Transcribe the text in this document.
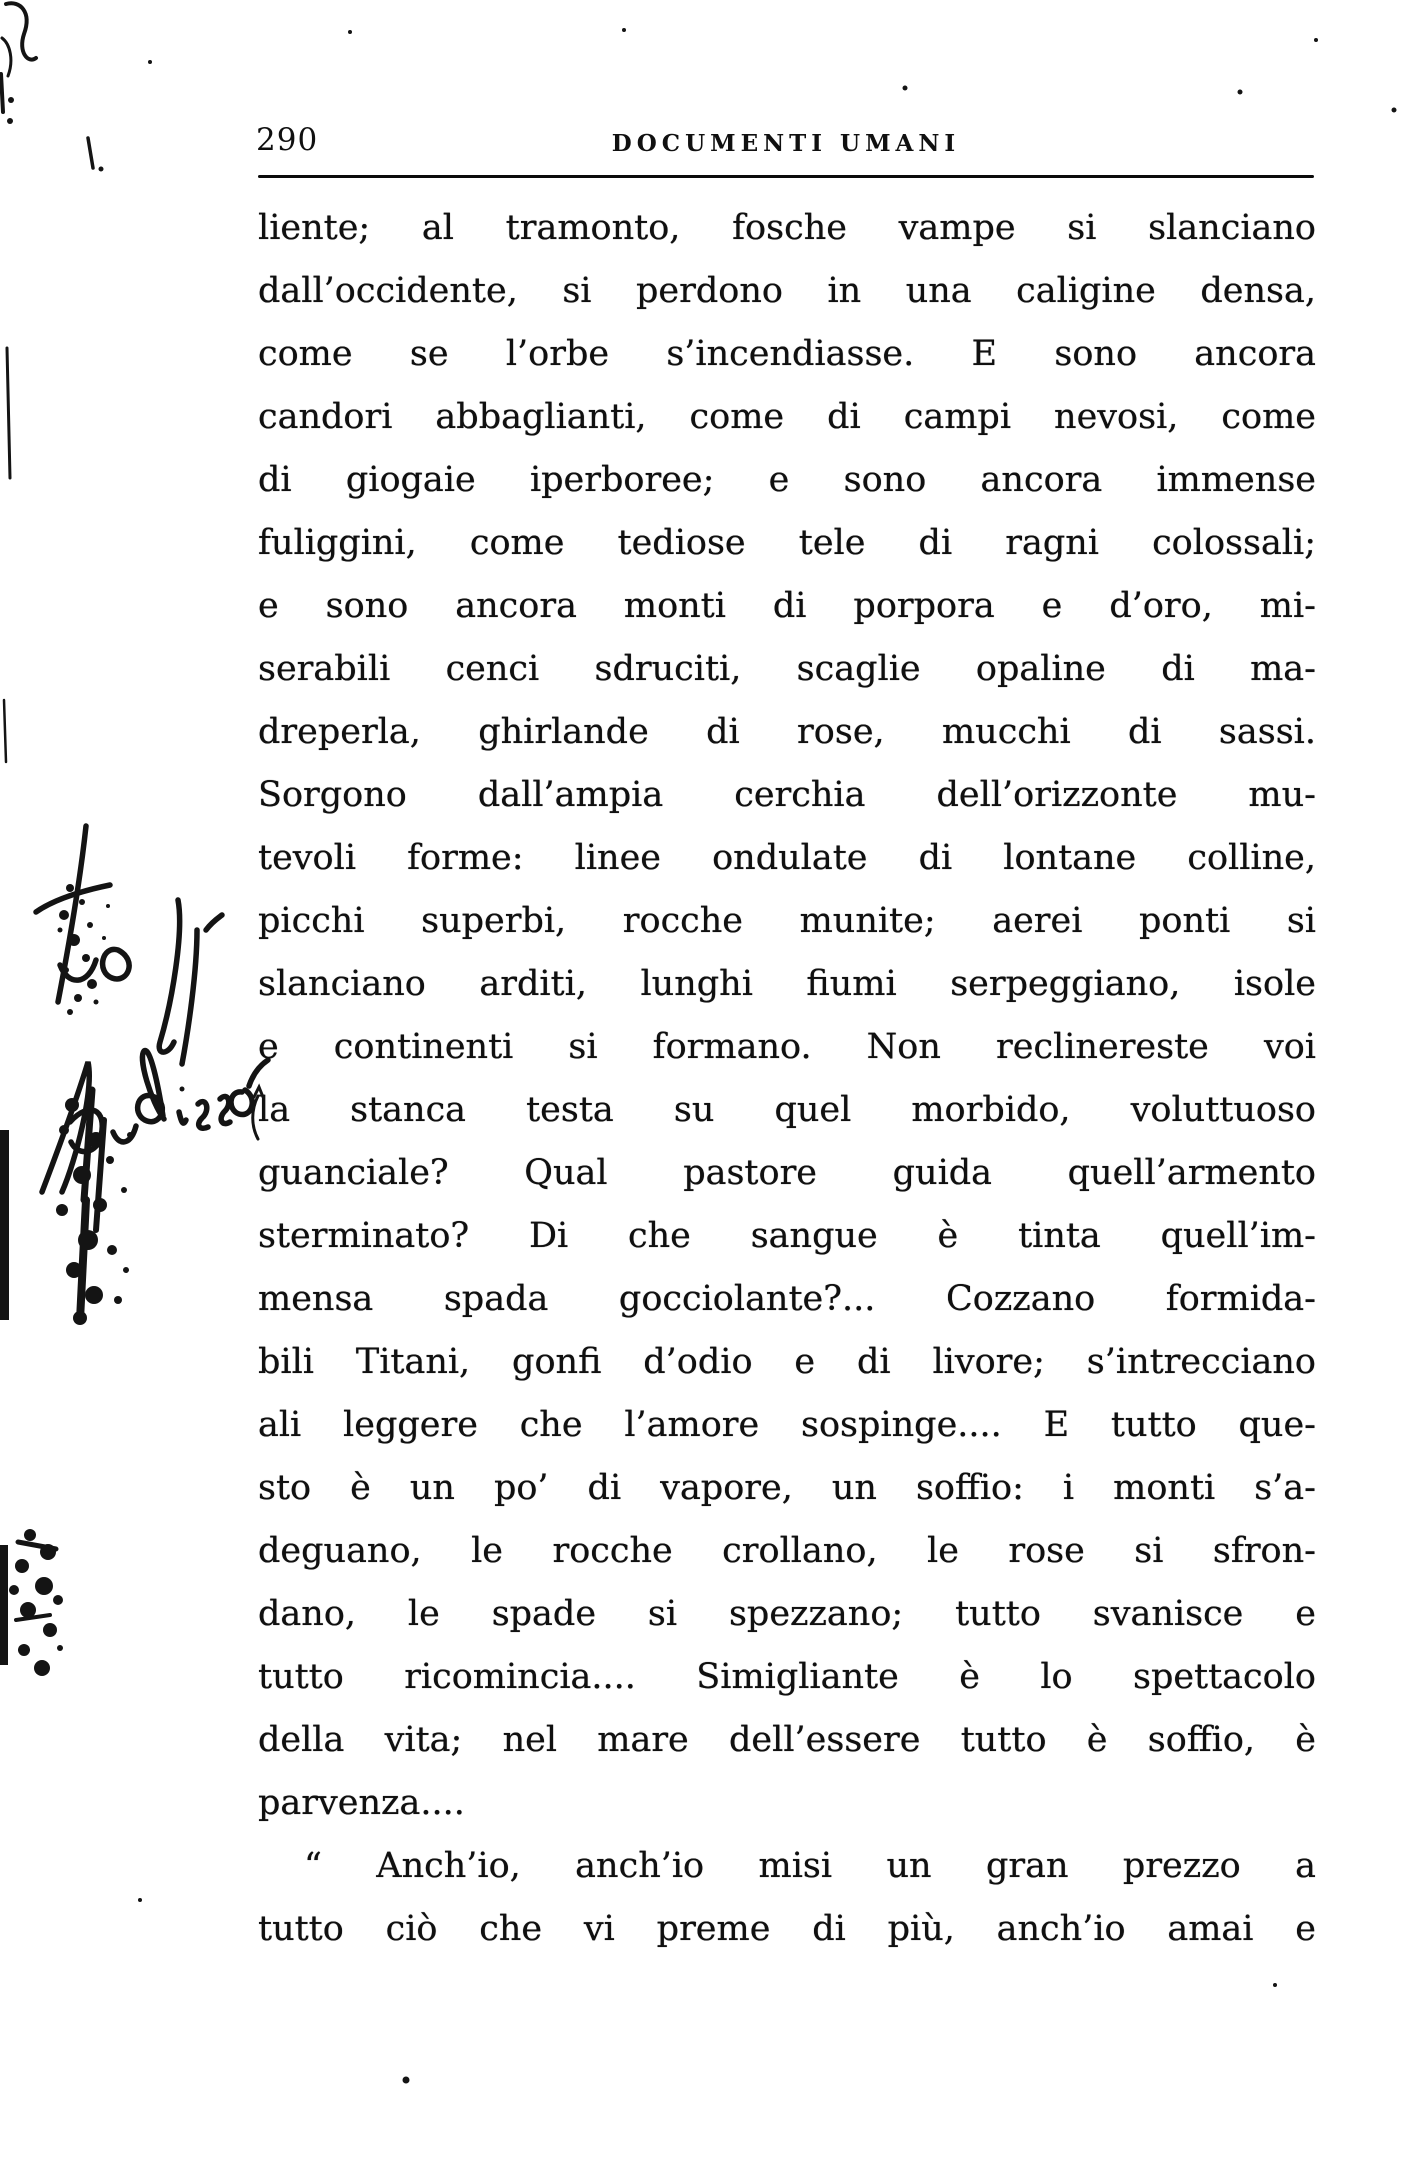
290	DOCUMENTI UMANI
liente; al tramonto, fosche vampe si slanciano
dall’occidente, si perdono in una caligine densa,
come se l’orbe s’incendiasse. E sono ancora
candori abbaglianti, come di campi nevosi, come
di giogaie iperboree; e sono ancora immense
fuliggini, come tediose tele di ragni colossali;
e sono ancora monti di porpora e d’oro, mi-
serabili cenci sdruciti, scaglie opaline di ma-
dreperla, ghirlande di rose, mucchi di sassi.
Sorgono dall’ampia cerchia dell’orizzonte mu-
tevoli forme: linee ondulate di lontane colline,
picchi superbi, rocche munite; aerei ponti si
slanciano arditi, lunghi fiumi serpeggiano, isole
e continenti si formano. Non reclinereste voi
la stanca testa su quel morbido, voluttuoso
guanciale? Qual pastore guida quell’armento
sterminato? Di che sangue è tinta quell’im-
mensa spada gocciolante?... Cozzano formida-
bili Titani, gonfi d’odio e di livore; s’intrecciano
ali leggere che l’amore sospinge.... E tutto que-
sto è un po’ di vapore, un soffio: i monti s’a-
deguano, le rocche crollano, le rose si sfron-
dano, le spade si spezzano; tutto svanisce e
tutto ricomincia.... Simigliante è lo spettacolo
della vita; nel mare dell’essere tutto è soffio, è
parvenza....
“ Anch’io, anch’io misi un gran prezzo a
tutto ciò che vi preme di più, anch’io amai e
